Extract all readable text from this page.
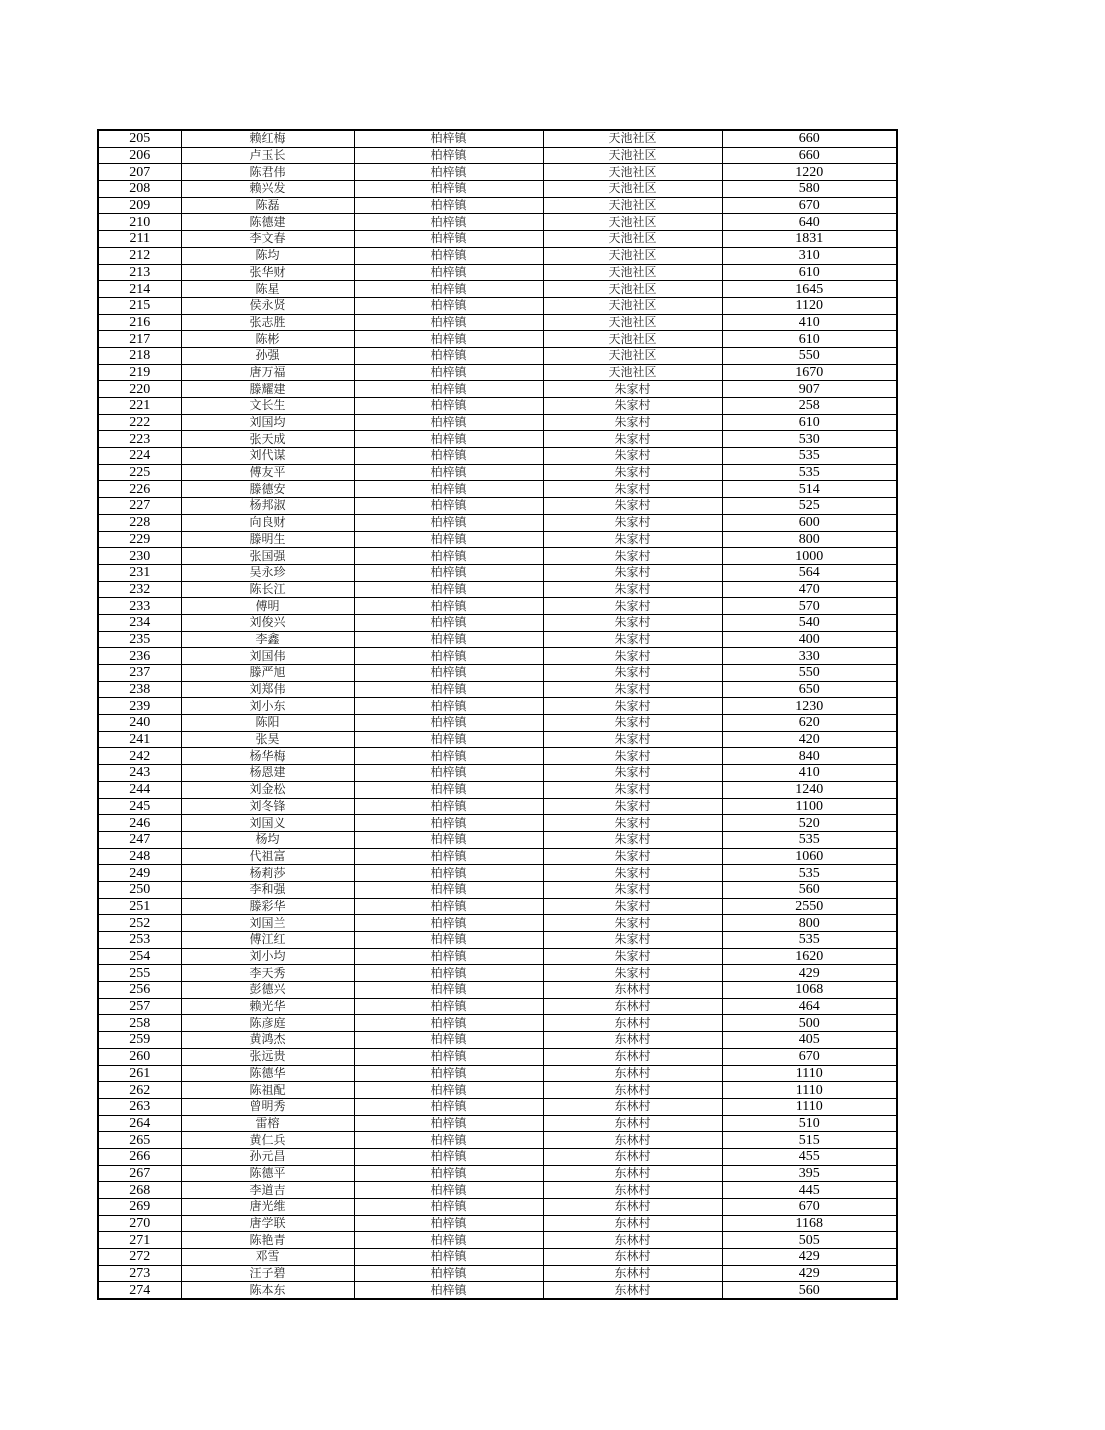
205	赖红梅	柏梓镇	天池社区	660
206	卢玉长	柏梓镇	天池社区	660
207	陈君伟	柏梓镇	天池社区	1220
208	赖兴发	柏梓镇	天池社区	580
209	陈磊	柏梓镇	天池社区	670
210	陈德建	柏梓镇	天池社区	640
211	李文春	柏梓镇	天池社区	1831
212	陈均	柏梓镇	天池社区	310
213	张华财	柏梓镇	天池社区	610
214	陈星	柏梓镇	天池社区	1645
215	侯永贤	柏梓镇	天池社区	1120
216	张志胜	柏梓镇	天池社区	410
217	陈彬	柏梓镇	天池社区	610
218	孙强	柏梓镇	天池社区	550
219	唐万福	柏梓镇	天池社区	1670
220	滕耀建	柏梓镇	朱家村	907
221	文长生	柏梓镇	朱家村	258
222	刘国均	柏梓镇	朱家村	610
223	张天成	柏梓镇	朱家村	530
224	刘代谋	柏梓镇	朱家村	535
225	傅友平	柏梓镇	朱家村	535
226	滕德安	柏梓镇	朱家村	514
227	杨邦淑	柏梓镇	朱家村	525
228	向良财	柏梓镇	朱家村	600
229	滕明生	柏梓镇	朱家村	800
230	张国强	柏梓镇	朱家村	1000
231	吴永珍	柏梓镇	朱家村	564
232	陈长江	柏梓镇	朱家村	470
233	傅明	柏梓镇	朱家村	570
234	刘俊兴	柏梓镇	朱家村	540
235	李鑫	柏梓镇	朱家村	400
236	刘国伟	柏梓镇	朱家村	330
237	滕严旭	柏梓镇	朱家村	550
238	刘郑伟	柏梓镇	朱家村	650
239	刘小东	柏梓镇	朱家村	1230
240	陈阳	柏梓镇	朱家村	620
241	张昊	柏梓镇	朱家村	420
242	杨华梅	柏梓镇	朱家村	840
243	杨恩建	柏梓镇	朱家村	410
244	刘金松	柏梓镇	朱家村	1240
245	刘冬锋	柏梓镇	朱家村	1100
246	刘国义	柏梓镇	朱家村	520
247	杨均	柏梓镇	朱家村	535
248	代祖富	柏梓镇	朱家村	1060
249	杨莉莎	柏梓镇	朱家村	535
250	李和强	柏梓镇	朱家村	560
251	滕彩华	柏梓镇	朱家村	2550
252	刘国兰	柏梓镇	朱家村	800
253	傅江红	柏梓镇	朱家村	535
254	刘小均	柏梓镇	朱家村	1620
255	李天秀	柏梓镇	朱家村	429
256	彭德兴	柏梓镇	东林村	1068
257	赖光华	柏梓镇	东林村	464
258	陈彦庭	柏梓镇	东林村	500
259	黄鸿杰	柏梓镇	东林村	405
260	张远贵	柏梓镇	东林村	670
261	陈德华	柏梓镇	东林村	1110
262	陈祖配	柏梓镇	东林村	1110
263	曾明秀	柏梓镇	东林村	1110
264	雷榕	柏梓镇	东林村	510
265	黄仁兵	柏梓镇	东林村	515
266	孙元昌	柏梓镇	东林村	455
267	陈德平	柏梓镇	东林村	395
268	李道吉	柏梓镇	东林村	445
269	唐光维	柏梓镇	东林村	670
270	唐学联	柏梓镇	东林村	1168
271	陈艳青	柏梓镇	东林村	505
272	邓雪	柏梓镇	东林村	429
273	汪子碧	柏梓镇	东林村	429
274	陈本东	柏梓镇	东林村	560
